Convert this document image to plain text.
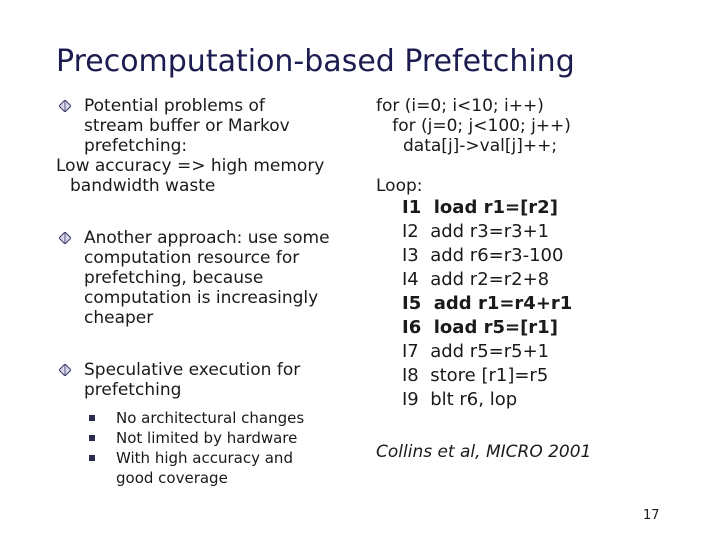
Precomputation-based Prefetching
Potential problems of
stream buffer or Markov
prefetching:
Low accuracy => high memory
bandwidth waste
Another approach: use some
computation resource for
prefetching, because
computation is increasingly
cheaper
Speculative execution for
prefetching
No architectural changes
Not limited by hardware
With high accuracy and
good coverage
for (i=0; i<10; i++)
for (j=0; j<100; j++)
data[j]->val[j]++;
Loop:
I1  load r1=[r2]
I2  add r3=r3+1
I3  add r6=r3-100
I4  add r2=r2+8
I5  add r1=r4+r1
I6  load r5=[r1]
I7  add r5=r5+1
I8  store [r1]=r5
I9  blt r6, lop
Collins et al, MICRO 2001
17
